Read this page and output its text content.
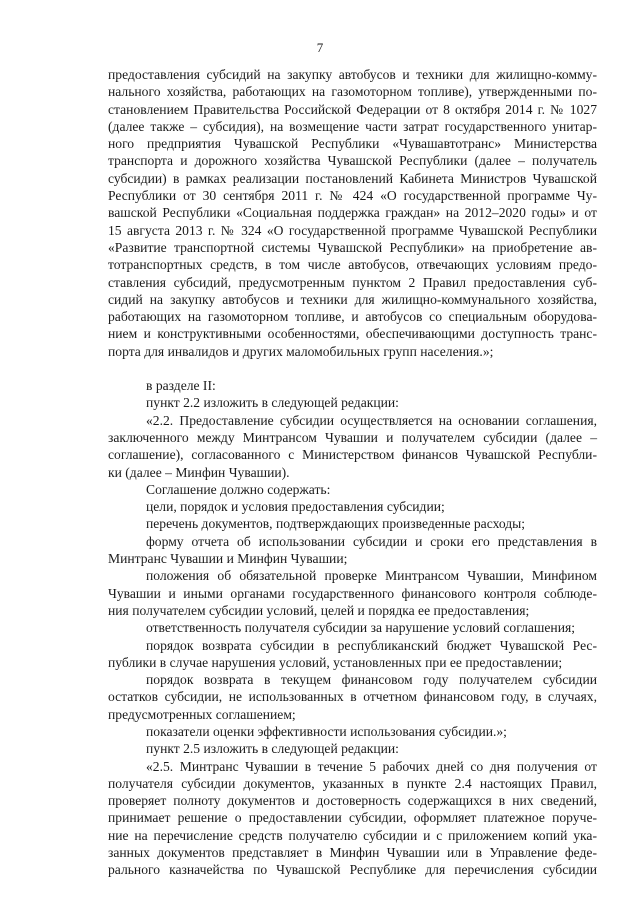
7
предоставления субсидий на закупку автобусов и техники для жилищно-комму-
нального хозяйства, работающих на газомоторном топливе), утвержденными по-
становлением Правительства Российской Федерации от 8 октября 2014 г. № 1027
(далее также – субсидия), на возмещение части затрат государственного унитар-
ного предприятия Чувашской Республики «Чувашавтотранс» Министерства
транспорта и дорожного хозяйства Чувашской Республики (далее – получатель
субсидии) в рамках реализации постановлений Кабинета Министров Чувашской
Республики от 30 сентября 2011 г. № 424 «О государственной программе Чу-
вашской Республики «Социальная поддержка граждан» на 2012–2020 годы» и от
15 августа 2013 г. № 324 «О государственной программе Чувашской Республики
«Развитие транспортной системы Чувашской Республики» на приобретение ав-
тотранспортных средств, в том числе автобусов, отвечающих условиям предо-
ставления субсидий, предусмотренным пунктом 2 Правил предоставления суб-
сидий на закупку автобусов и техники для жилищно-коммунального хозяйства,
работающих на газомоторном топливе, и автобусов со специальным оборудова-
нием и конструктивными особенностями, обеспечивающими доступность транс-
порта для инвалидов и других маломобильных групп населения.»;
в разделе II:
пункт 2.2 изложить в следующей редакции:
«2.2. Предоставление субсидии осуществляется на основании соглашения,
заключенного между Минтрансом Чувашии и получателем субсидии (далее –
соглашение), согласованного с Министерством финансов Чувашской Республи-
ки (далее – Минфин Чувашии).
Соглашение должно содержать:
цели, порядок и условия предоставления субсидии;
перечень документов, подтверждающих произведенные расходы;
форму отчета об использовании субсидии и сроки его представления в
Минтранс Чувашии и Минфин Чувашии;
положения об обязательной проверке Минтрансом Чувашии, Минфином
Чувашии и иными органами государственного финансового контроля соблюде-
ния получателем субсидии условий, целей и порядка ее предоставления;
ответственность получателя субсидии за нарушение условий соглашения;
порядок возврата субсидии в республиканский бюджет Чувашской Рес-
публики в случае нарушения условий, установленных при ее предоставлении;
порядок возврата в текущем финансовом году получателем субсидии
остатков субсидии, не использованных в отчетном финансовом году, в случаях,
предусмотренных соглашением;
показатели оценки эффективности использования субсидии.»;
пункт 2.5 изложить в следующей редакции:
«2.5. Минтранс Чувашии в течение 5 рабочих дней со дня получения от
получателя субсидии документов, указанных в пункте 2.4 настоящих Правил,
проверяет полноту документов и достоверность содержащихся в них сведений,
принимает решение о предоставлении субсидии, оформляет платежное поруче-
ние на перечисление средств получателю субсидии и с приложением копий ука-
занных документов представляет в Минфин Чувашии или в Управление феде-
рального казначейства по Чувашской Республике для перечисления субсидии
